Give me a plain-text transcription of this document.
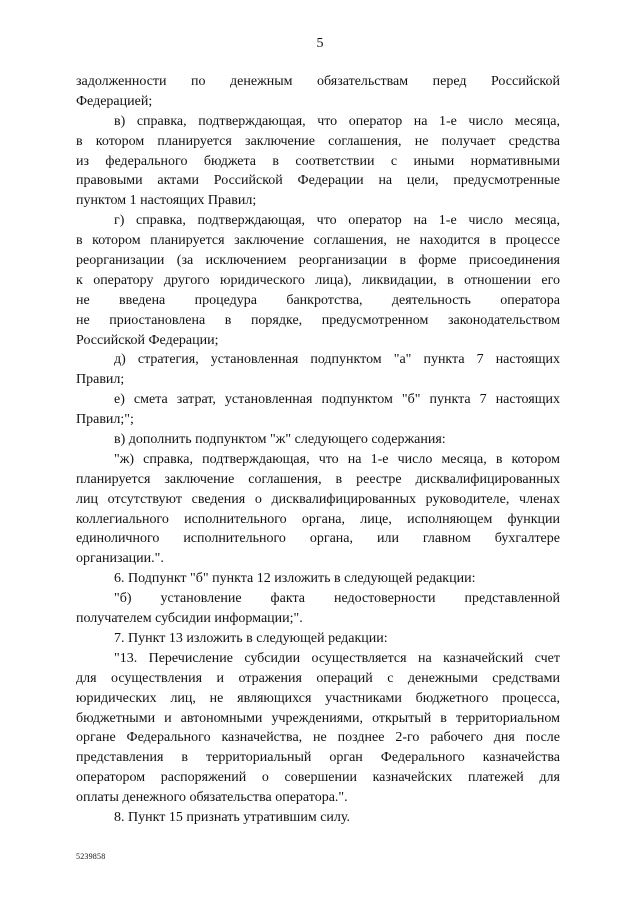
5
задолженности по денежным обязательствам перед Российской
Федерацией;
в) справка, подтверждающая, что оператор на 1-е число месяца,
в котором планируется заключение соглашения, не получает средства
из федерального бюджета в соответствии с иными нормативными
правовыми актами Российской Федерации на цели, предусмотренные
пунктом 1 настоящих Правил;
г) справка, подтверждающая, что оператор на 1-е число месяца,
в котором планируется заключение соглашения, не находится в процессе
реорганизации (за исключением реорганизации в форме присоединения
к оператору другого юридического лица), ликвидации, в отношении его
не введена процедура банкротства, деятельность оператора
не приостановлена в порядке, предусмотренном законодательством
Российской Федерации;
д) стратегия, установленная подпунктом "а" пункта 7 настоящих
Правил;
е) смета затрат, установленная подпунктом "б" пункта 7 настоящих
Правил;";
в) дополнить подпунктом "ж" следующего содержания:
"ж) справка, подтверждающая, что на 1-е число месяца, в котором
планируется заключение соглашения, в реестре дисквалифицированных
лиц отсутствуют сведения о дисквалифицированных руководителе, членах
коллегиального исполнительного органа, лице, исполняющем функции
единоличного исполнительного органа, или главном бухгалтере
организации.".
6. Подпункт "б" пункта 12 изложить в следующей редакции:
"б) установление факта недостоверности представленной
получателем субсидии информации;".
7. Пункт 13 изложить в следующей редакции:
"13. Перечисление субсидии осуществляется на казначейский счет
для осуществления и отражения операций с денежными средствами
юридических лиц, не являющихся участниками бюджетного процесса,
бюджетными и автономными учреждениями, открытый в территориальном
органе Федерального казначейства, не позднее 2-го рабочего дня после
представления в территориальный орган Федерального казначейства
оператором распоряжений о совершении казначейских платежей для
оплаты денежного обязательства оператора.".
8. Пункт 15 признать утратившим силу.
5239858
